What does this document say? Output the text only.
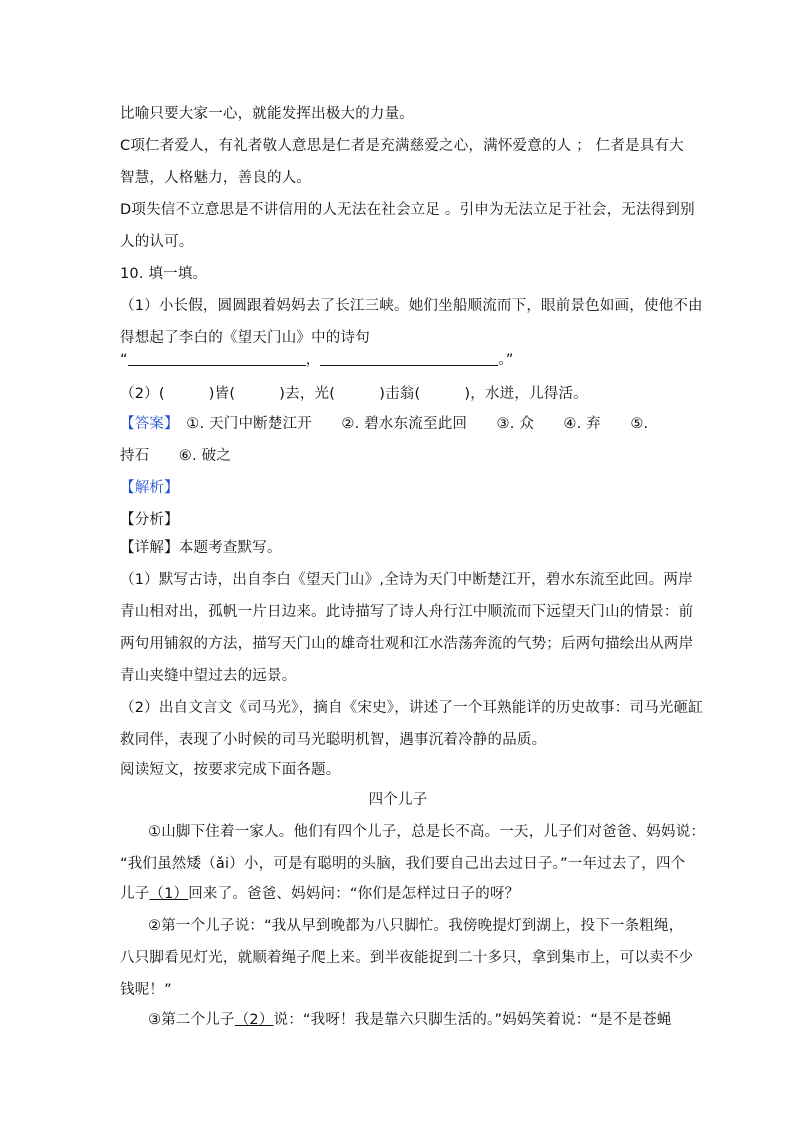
比喻只要大家一心，就能发挥出极大的力量。
C项仁者爱人，有礼者敬人意思是仁者是充满慈爱之心，满怀爱意的人 ； 仁者是具有大
智慧，人格魅力，善良的人。
D项失信不立意思是不讲信用的人无法在社会立足 。引申为无法立足于社会，无法得到别
人的认可。
10. 填一填。
（1）小长假，圆圆跟着妈妈去了长江三峡。她们坐船顺流而下，眼前景色如画，使他不由
得想起了李白的《望天门山》中的诗句
“	，	。”
（2）(　　　)皆(　　　)去，光(　　　)击翁(　　　)，水迸，儿得活。
【答案】　①. 天门中断楚江开　　②. 碧水东流至此回　　③. 众　　④. 弃　　⑤.
持石　　⑥. 破之
【解析】
【分析】
【详解】本题考查默写。
（1）默写古诗，出自李白《望天门山》,全诗为天门中断楚江开，碧水东流至此回。两岸
青山相对出，孤帆一片日边来。此诗描写了诗人舟行江中顺流而下远望天门山的情景：前
两句用铺叙的方法，描写天门山的雄奇壮观和江水浩荡奔流的气势；后两句描绘出从两岸
青山夹缝中望过去的远景。
（2）出自文言文《司马光》，摘自《宋史》，讲述了一个耳熟能详的历史故事：司马光砸缸
救同伴，表现了小时候的司马光聪明机智，遇事沉着冷静的品质。
阅读短文，按要求完成下面各题。
四个儿子
①山脚下住着一家人。他们有四个儿子，总是长不高。一天，儿子们对爸爸、妈妈说：
“我们虽然矮（ǎi）小，可是有聪明的头脑，我们要自己出去过日子。”一年过去了，四个
儿子（1）回来了。爸爸、妈妈问：“你们是怎样过日子的呀？
②第一个儿子说：“我从早到晚都为八只脚忙。我傍晚提灯到湖上，投下一条粗绳，
八只脚看见灯光，就顺着绳子爬上来。到半夜能捉到二十多只，拿到集市上，可以卖不少
钱呢！”
③第二个儿子（2）说：“我呀！我是靠六只脚生活的。”妈妈笑着说：“是不是苍蝇
